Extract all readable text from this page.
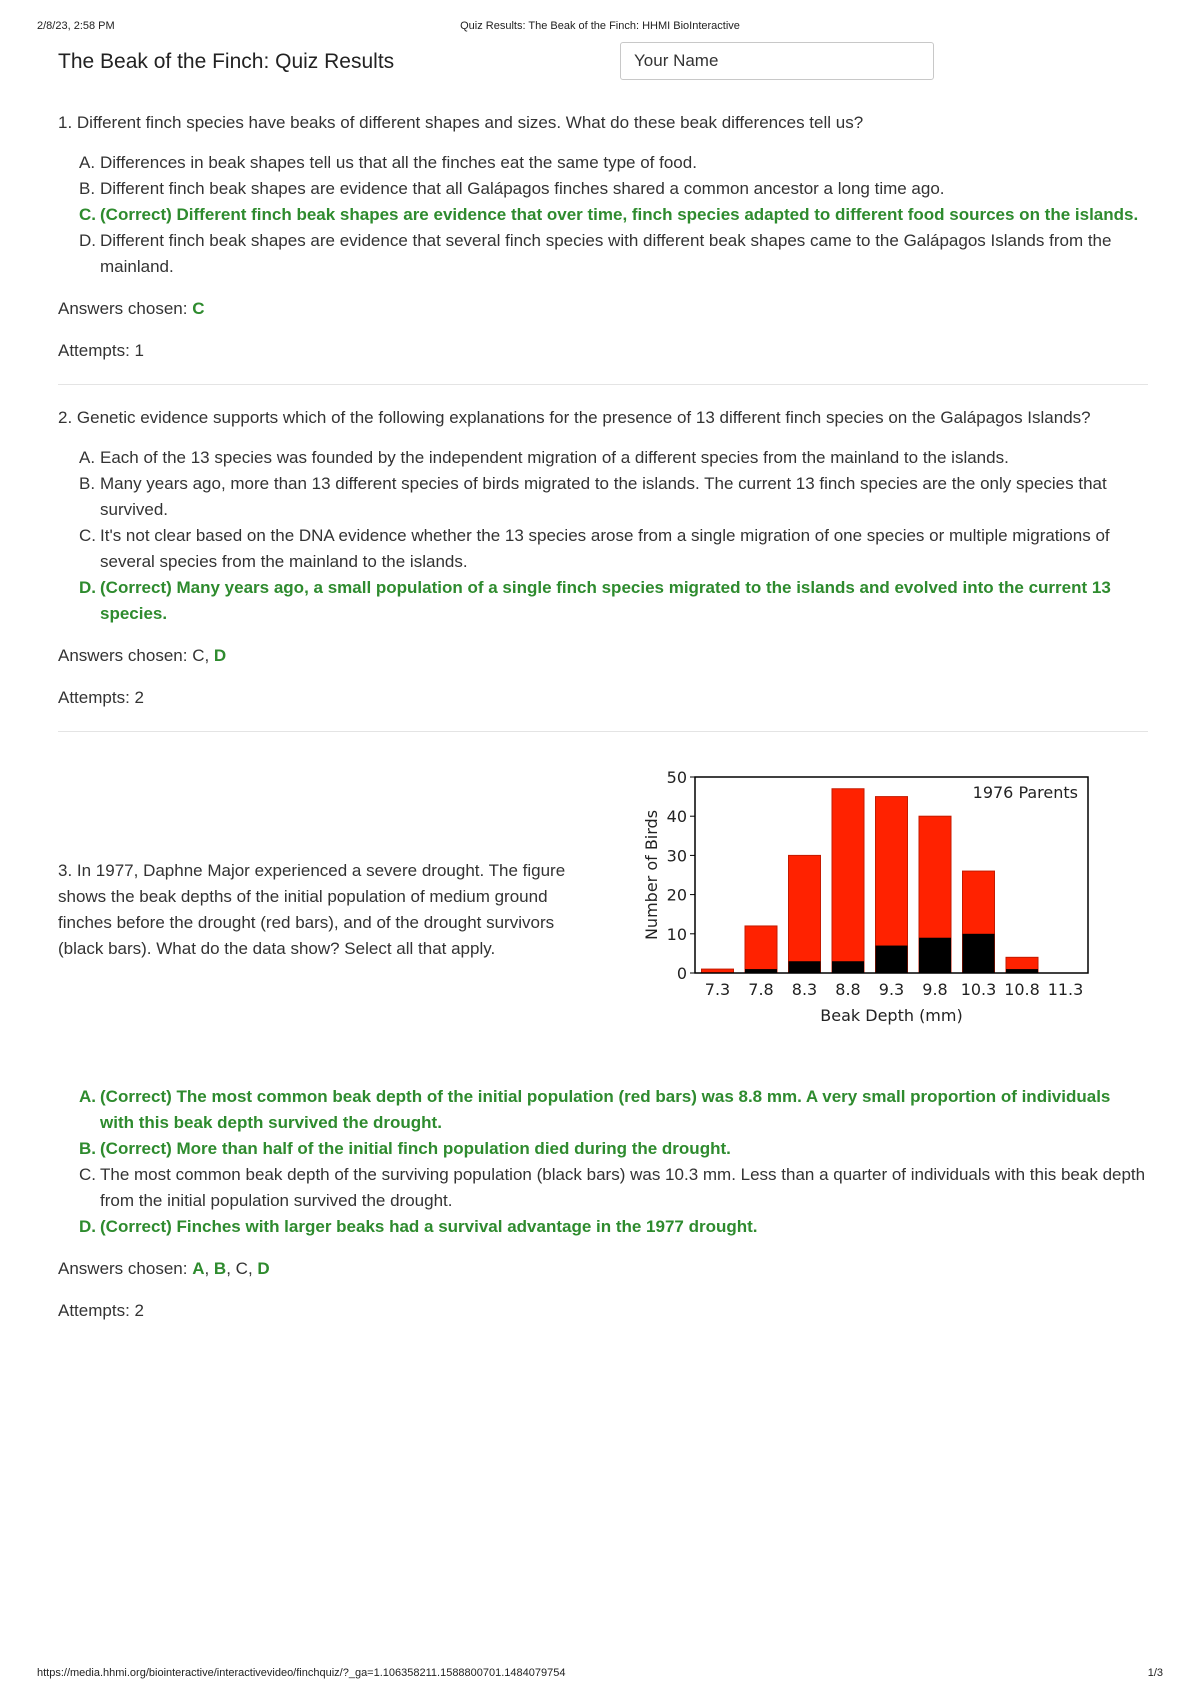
2/8/23, 2:58 PM	Quiz Results: The Beak of the Finch: HHMI BioInteractive
The Beak of the Finch: Quiz Results	Your Name

1. Different finch species have beaks of different shapes and sizes. What do these beak differences tell us?

A. Differences in beak shapes tell us that all the finches eat the same type of food.
B. Different finch beak shapes are evidence that all Galápagos finches shared a common ancestor a long time ago.
C. (Correct) Different finch beak shapes are evidence that over time, finch species adapted to different food sources on the islands.
D. Different finch beak shapes are evidence that several finch species with different beak shapes came to the Galápagos Islands from the mainland.

Answers chosen: C

Attempts: 1

2. Genetic evidence supports which of the following explanations for the presence of 13 different finch species on the Galápagos Islands?

A. Each of the 13 species was founded by the independent migration of a different species from the mainland to the islands.
B. Many years ago, more than 13 different species of birds migrated to the islands. The current 13 finch species are the only species that survived.
C. It's not clear based on the DNA evidence whether the 13 species arose from a single migration of one species or multiple migrations of several species from the mainland to the islands.
D. (Correct) Many years ago, a small population of a single finch species migrated to the islands and evolved into the current 13 species.

Answers chosen: C, D

Attempts: 2

3. In 1977, Daphne Major experienced a severe drought. The figure shows the beak depths of the initial population of medium ground finches before the drought (red bars), and of the drought survivors (black bars). What do the data show? Select all that apply.

0
10
20
30
40
50
7.3 7.8 8.3 8.8 9.3 9.8 10.3 10.8 11.3
Beak Depth (mm)
Number of Birds
1976 Parents
A. (Correct) The most common beak depth of the initial population (red bars) was 8.8 mm. A very small proportion of individuals with this beak depth survived the drought.
B. (Correct) More than half of the initial finch population died during the drought.
C. The most common beak depth of the surviving population (black bars) was 10.3 mm. Less than a quarter of individuals with this beak depth from the initial population survived the drought.
D. (Correct) Finches with larger beaks had a survival advantage in the 1977 drought.

Answers chosen: A, B, C, D

Attempts: 2

https://media.hhmi.org/biointeractive/interactivevideo/finchquiz/?_ga=1.106358211.1588800701.1484079754	1/3
